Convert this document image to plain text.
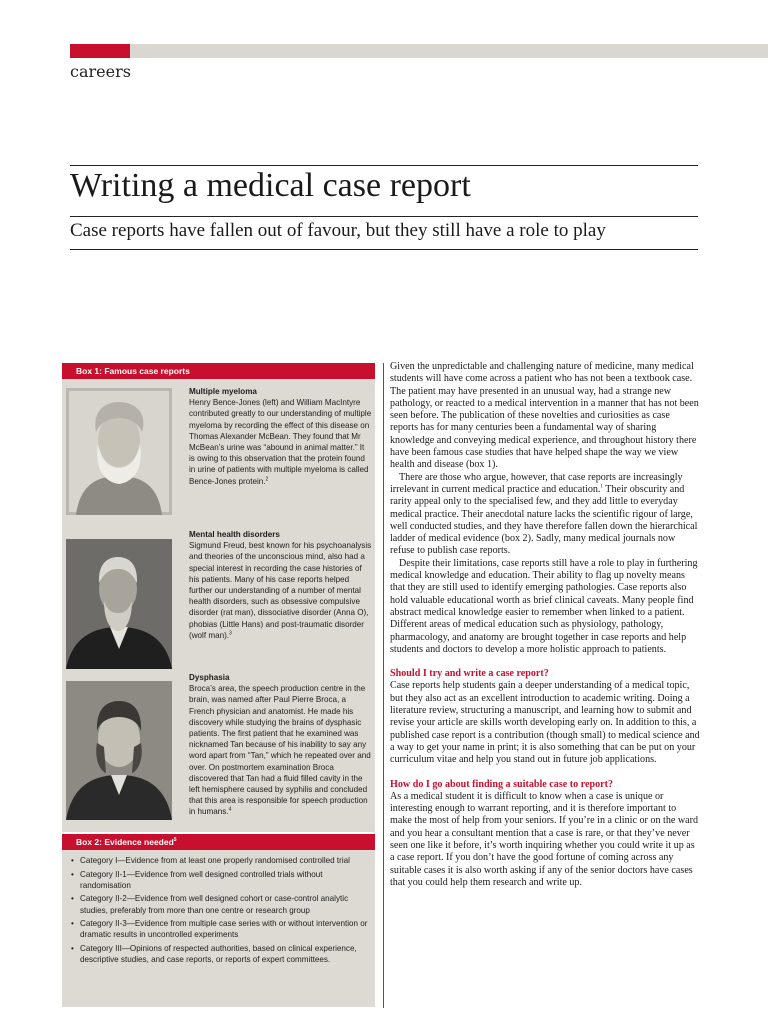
careers
Writing a medical case report

Case reports have fallen out of favour, but they still have a role to play

Box 1: Famous case reports

Multiple myeloma

Henry Bence-Jones (left) and William MacIntyre contributed greatly to our understanding of multiple myeloma by recording the effect of this disease on Thomas Alexander McBean. They found that Mr McBean’s urine was “abound in animal matter.” It is owing to this observation that the protein found in urine of patients with multiple myeloma is called Bence-Jones protein.$^2$

Mental health disorders

Sigmund Freud, best known for his psychoanalysis and theories of the unconscious mind, also had a special interest in recording the case histories of his patients. Many of his case reports helped further our understanding of a number of mental health disorders, such as obsessive compulsive disorder (rat man), dissociative disorder (Anna O), phobias (Little Hans) and post-traumatic disorder (wolf man).$^3$

Dysphasia

Broca’s area, the speech production centre in the brain, was named after Paul Pierre Broca, a French physician and anatomist. He made his discovery while studying the brains of dysphasic patients. The first patient that he examined was nicknamed Tan because of his inability to say any word apart from “Tan,” which he repeated over and over. On postmortem examination Broca discovered that Tan had a fluid filled cavity in the left hemisphere caused by syphilis and concluded that this area is responsible for speech production in humans.$^4$

Box 2: Evidence needed$^5$
• Category I—Evidence from at least one properly randomised controlled trial
• Category II-1—Evidence from well designed controlled trials without randomisation
• Category II-2—Evidence from well designed cohort or case-control analytic studies, preferably from more than one centre or research group
• Category II-3—Evidence from multiple case series with or without intervention or dramatic results in uncontrolled experiments
• Category III—Opinions of respected authorities, based on clinical experience, descriptive studies, and case reports, or reports of expert committees.

Given the unpredictable and challenging nature of medicine, many medical students will have come across a patient who has not been a textbook case. The patient may have presented in an unusual way, had a strange new pathology, or reacted to a medical intervention in a manner that has not been seen before. The publication of these novelties and curiosities as case reports has for many centuries been a fundamental way of sharing knowledge and conveying medical experience, and throughout history there have been famous case studies that have helped shape the way we view health and disease (box 1).

There are those who argue, however, that case reports are increasingly irrelevant in current medical practice and education.$^1$ Their obscurity and rarity appeal only to the specialised few, and they add little to everyday medical practice. Their anecdotal nature lacks the scientific rigour of large, well conducted studies, and they have therefore fallen down the hierarchical ladder of medical evidence (box 2). Sadly, many medical journals now refuse to publish case reports.

Despite their limitations, case reports still have a role to play in furthering medical knowledge and education. Their ability to flag up novelty means that they are still used to identify emerging pathologies. Case reports also hold valuable educational worth as brief clinical caveats. Many people find abstract medical knowledge easier to remember when linked to a patient. Different areas of medical education such as physiology, pathology, pharmacology, and anatomy are brought together in case reports and help students and doctors to develop a more holistic approach to patients.

Should I try and write a case report?

Case reports help students gain a deeper understanding of a medical topic, but they also act as an excellent introduction to academic writing. Doing a literature review, structuring a manuscript, and learning how to submit and revise your article are skills worth developing early on. In addition to this, a published case report is a contribution (though small) to medical science and a way to get your name in print; it is also something that can be put on your curriculum vitae and help you stand out in future job applications.

How do I go about finding a suitable case to report?

As a medical student it is difficult to know when a case is unique or interesting enough to warrant reporting, and it is therefore important to make the most of help from your seniors. If you’re in a clinic or on the ward and you hear a consultant mention that a case is rare, or that they’ve never seen one like it before, it’s worth inquiring whether you could write it up as a case report. If you don’t have the good fortune of coming across any suitable cases it is also worth asking if any of the senior doctors have cases that you could help them research and write up.
